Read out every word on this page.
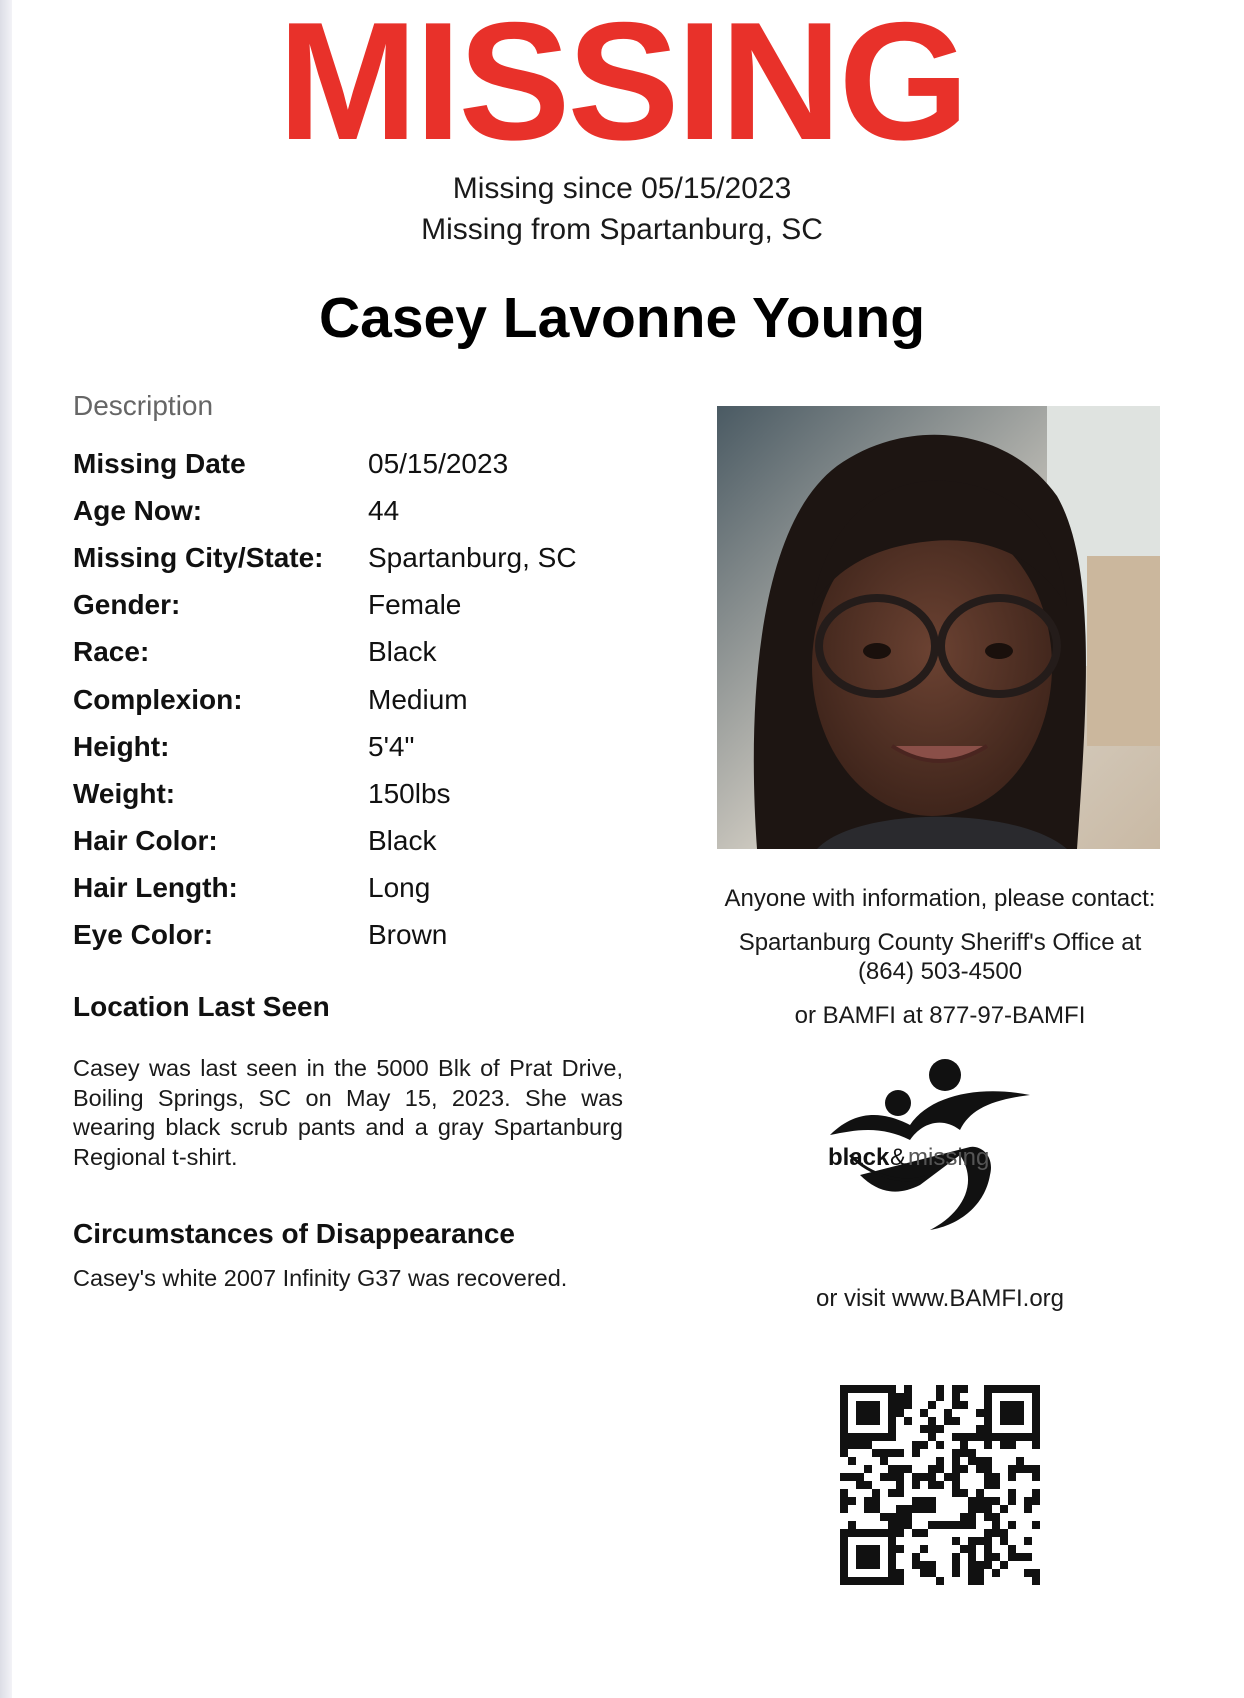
MISSING
Missing since 05/15/2023
Missing from Spartanburg, SC
Casey Lavonne Young
Description
Missing Date	05/15/2023
Age Now:	44
Missing City/State:	Spartanburg, SC
Gender:	Female
Race:	Black
Complexion:	Medium
Height:	5'4"
Weight:	150lbs
Hair Color:	Black
Hair Length:	Long
Eye Color:	Brown
Location Last Seen
Casey was last seen in the 5000 Blk of Prat Drive, Boiling Springs, SC on May 15, 2023. She was wearing black scrub pants and a gray Spartanburg Regional t-shirt.
Circumstances of Disappearance
Casey's white 2007 Infinity G37 was recovered.
Anyone with information, please contact:
Spartanburg County Sheriff's Office at
(864) 503-4500
or BAMFI at 877-97-BAMFI
black & missing
or visit www.BAMFI.org
